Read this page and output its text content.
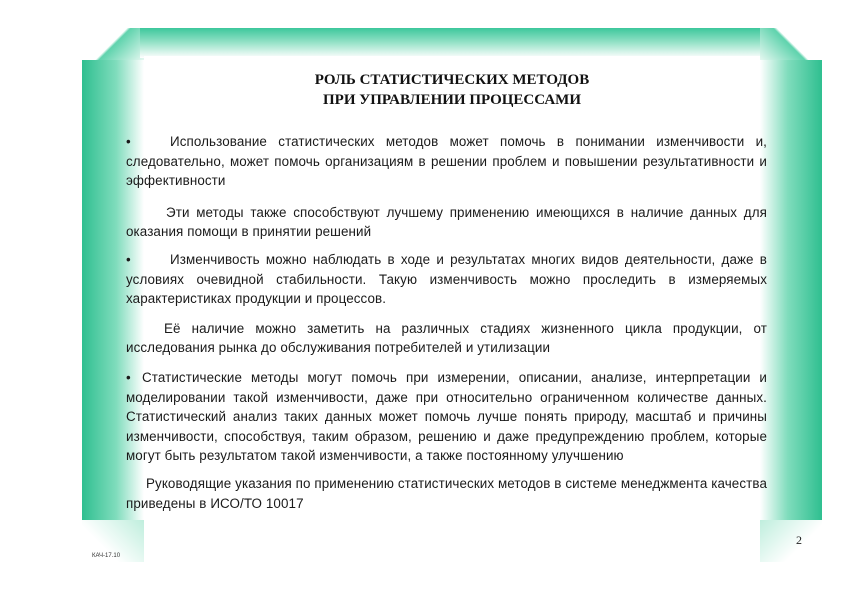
РОЛЬ СТАТИСТИЧЕСКИХ МЕТОДОВ
ПРИ УПРАВЛЕНИИ ПРОЦЕССАМИ

•	Использование статистических методов может помочь в понимании изменчивости и, следовательно, может помочь организациям в решении проблем и повышении результативности и эффективности

Эти методы также способствуют лучшему применению имеющихся в наличие данных для оказания помощи в принятии решений

•	Изменчивость можно наблюдать в ходе и результатах многих видов деятельности, даже в условиях очевидной стабильности. Такую изменчивость можно проследить в измеряемых характеристиках продукции и процессов.

Её наличие можно заметить на различных стадиях жизненного цикла продукции, от исследования рынка до обслуживания потребителей и утилизации

• Статистические методы могут помочь при измерении, описании, анализе, интерпретации и моделировании такой изменчивости, даже при относительно ограниченном количестве данных. Статистический анализ таких данных может помочь лучше понять природу, масштаб и причины изменчивости, способствуя, таким образом, решению и даже предупреждению проблем, которые могут быть результатом такой изменчивости, а также постоянному улучшению

Руководящие указания по применению статистических методов в системе менеджмента качества приведены в ИСО/ТО 10017

2
КАЧ-17.10
